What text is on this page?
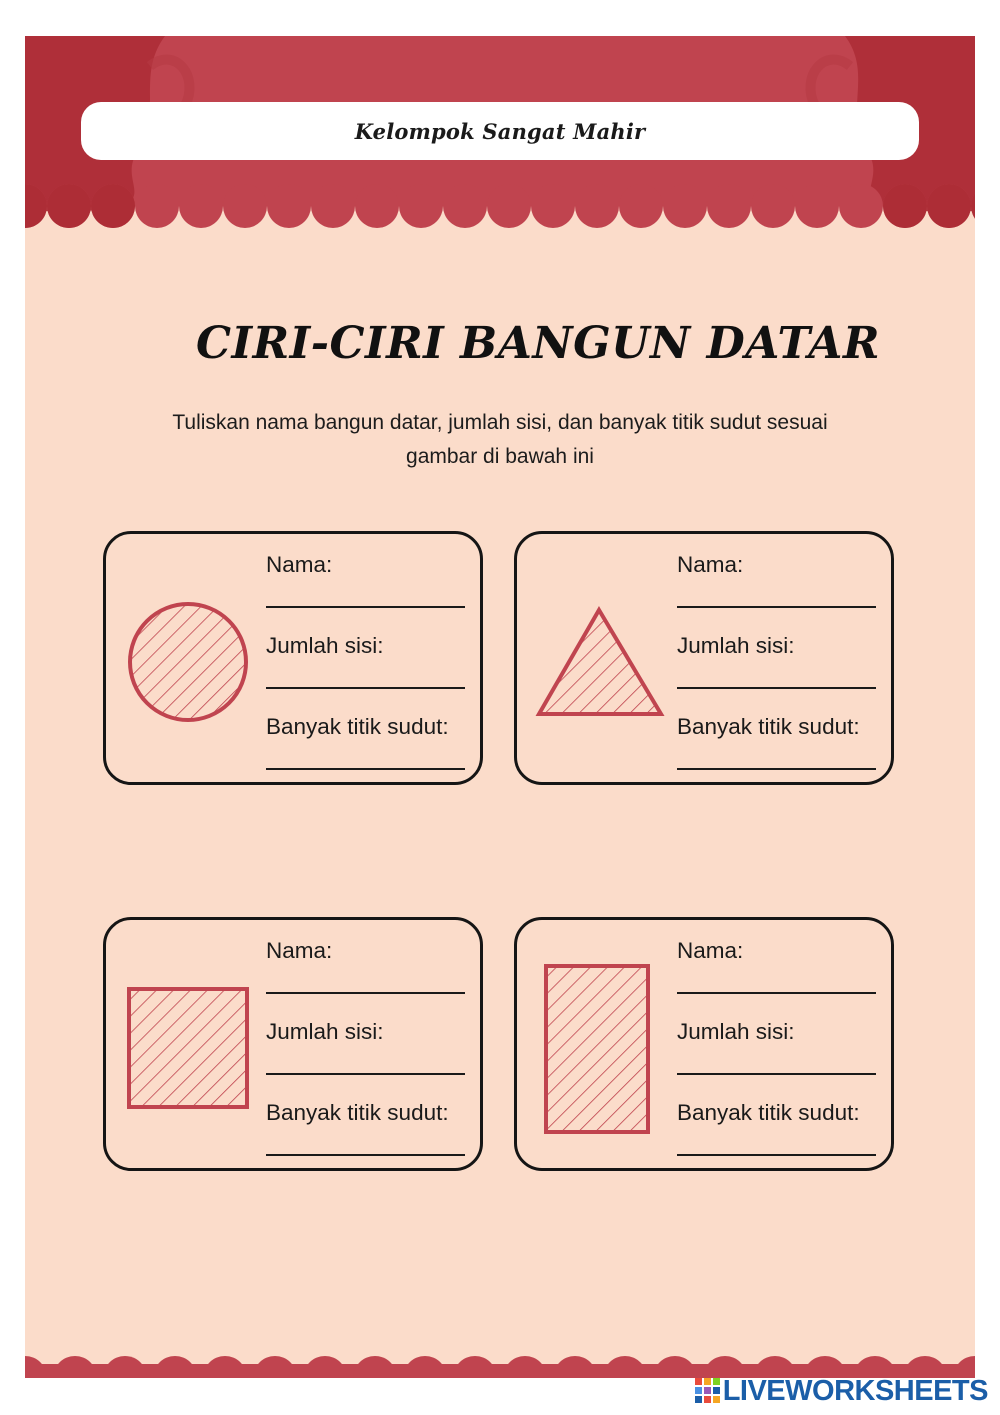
Kelompok Sangat Mahir
CIRI-CIRI BANGUN DATAR
Tuliskan nama bangun datar, jumlah sisi, dan banyak titik sudut sesuai gambar di bawah ini
Nama:
Jumlah sisi:
Banyak titik sudut:
Nama:
Jumlah sisi:
Banyak titik sudut:
Nama:
Jumlah sisi:
Banyak titik sudut:
Nama:
Jumlah sisi:
Banyak titik sudut:
LIVEWORKSHEETS
